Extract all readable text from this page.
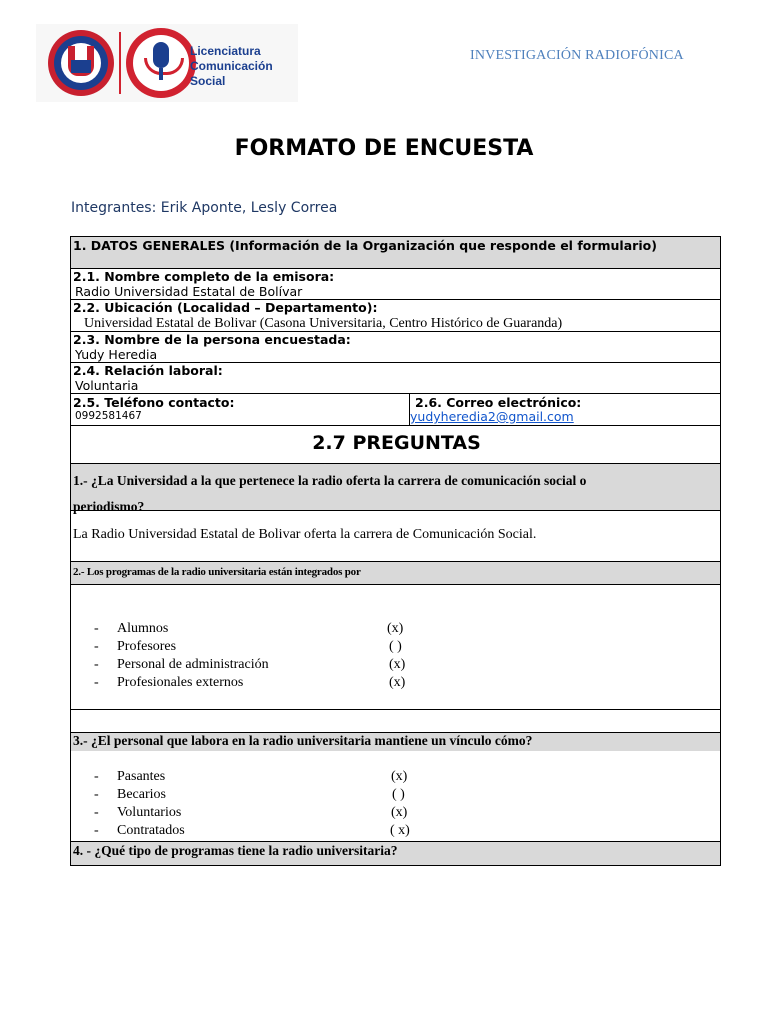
Licenciatura
Comunicación Social
INVESTIGACIÓN RADIOFÓNICA
FORMATO DE ENCUESTA
Integrantes: Erik Aponte, Lesly Correa
1. DATOS GENERALES (Información de la Organización que responde el formulario)
2.1. Nombre completo de la emisora:
Radio Universidad Estatal de Bolívar
2.2. Ubicación (Localidad – Departamento):
Universidad Estatal de Bolivar (Casona Universitaria, Centro Histórico de Guaranda)
2.3. Nombre de la persona encuestada:
Yudy Heredia
2.4. Relación laboral:
Voluntaria
2.5. Teléfono contacto:
0992581467
2.6. Correo electrónico:
yudyheredia2@gmail.com
2.7 PREGUNTAS
1.- ¿La Universidad a la que pertenece la radio oferta la carrera de comunicación social o
periodismo?
La Radio Universidad Estatal de Bolivar oferta la carrera de Comunicación Social.
2.- Los programas de la radio universitaria están integrados por
- Alumnos	(x)
- Profesores	( )
- Personal de administración	(x)
- Profesionales externos	(x)
3.- ¿El personal que labora en la radio universitaria mantiene un vínculo cómo?
- Pasantes	(x)
- Becarios	( )
- Voluntarios	(x)
- Contratados	( x)
4. - ¿Qué tipo de programas tiene la radio universitaria?
